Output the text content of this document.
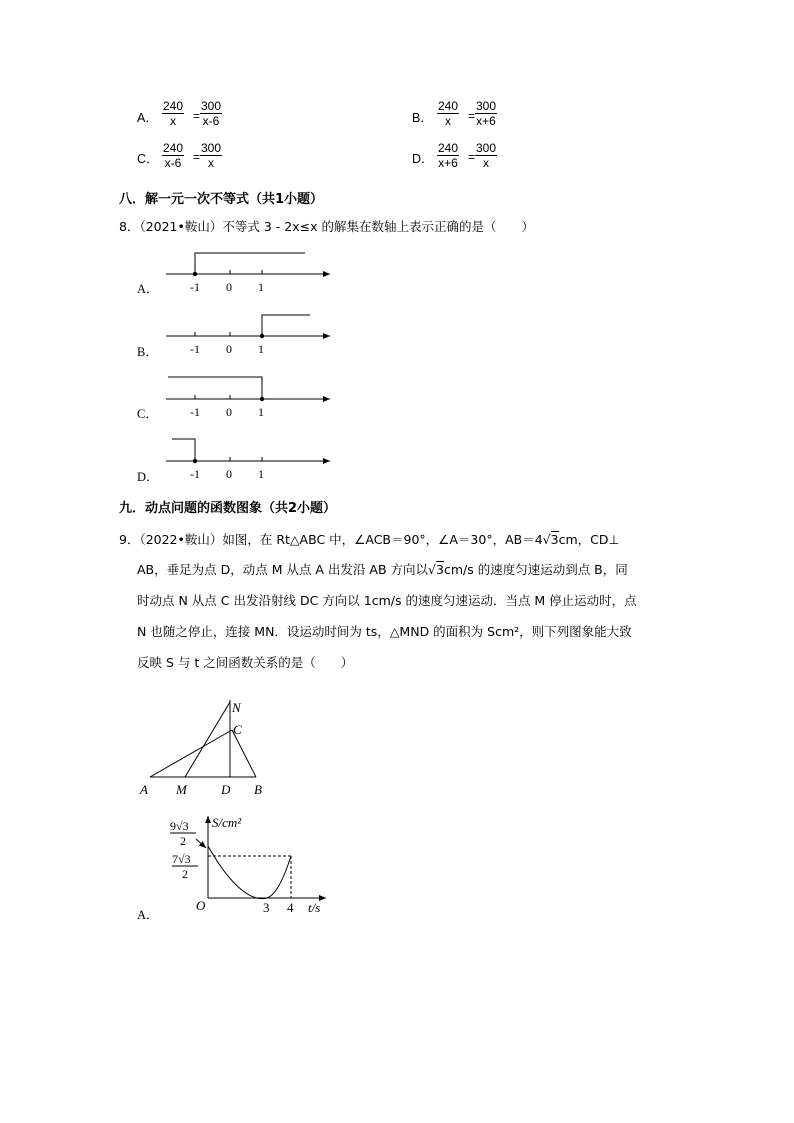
A． $\frac{240}{x} = \frac{300}{x-6}$	B． $\frac{240}{x} = \frac{300}{x+6}$
C． $\frac{240}{x-6} = \frac{300}{x}$	D． $\frac{240}{x+6} = \frac{300}{x}$
八．解一元一次不等式（共1小题）
8．（2021•鞍山）不等式 3 - 2x≤x 的解集在数轴上表示正确的是（　　）
-1 0 1
A．
-1 0 1
B．
-1 0 1
C．
-1 0 1
D．
九．动点问题的函数图象（共2小题）
9．（2022•鞍山）如图，在 Rt△ABC 中，∠ACB＝90°，∠A＝30°，AB＝4√3cm，CD⊥
AB，垂足为点 D，动点 M 从点 A 出发沿 AB 方向以√3cm/s 的速度匀速运动到点 B，同
时动点 N 从点 C 出发沿射线 DC 方向以 1cm/s 的速度匀速运动．当点 M 停止运动时，点
N 也随之停止，连接 MN．设运动时间为 ts，△MND 的面积为 Scm²，则下列图象能大致
反映 S 与 t 之间函数关系的是（　　）
A M	D B
C
N
S/cm²
t/s
O	3 4
9√3
2
7√3
2
A．
